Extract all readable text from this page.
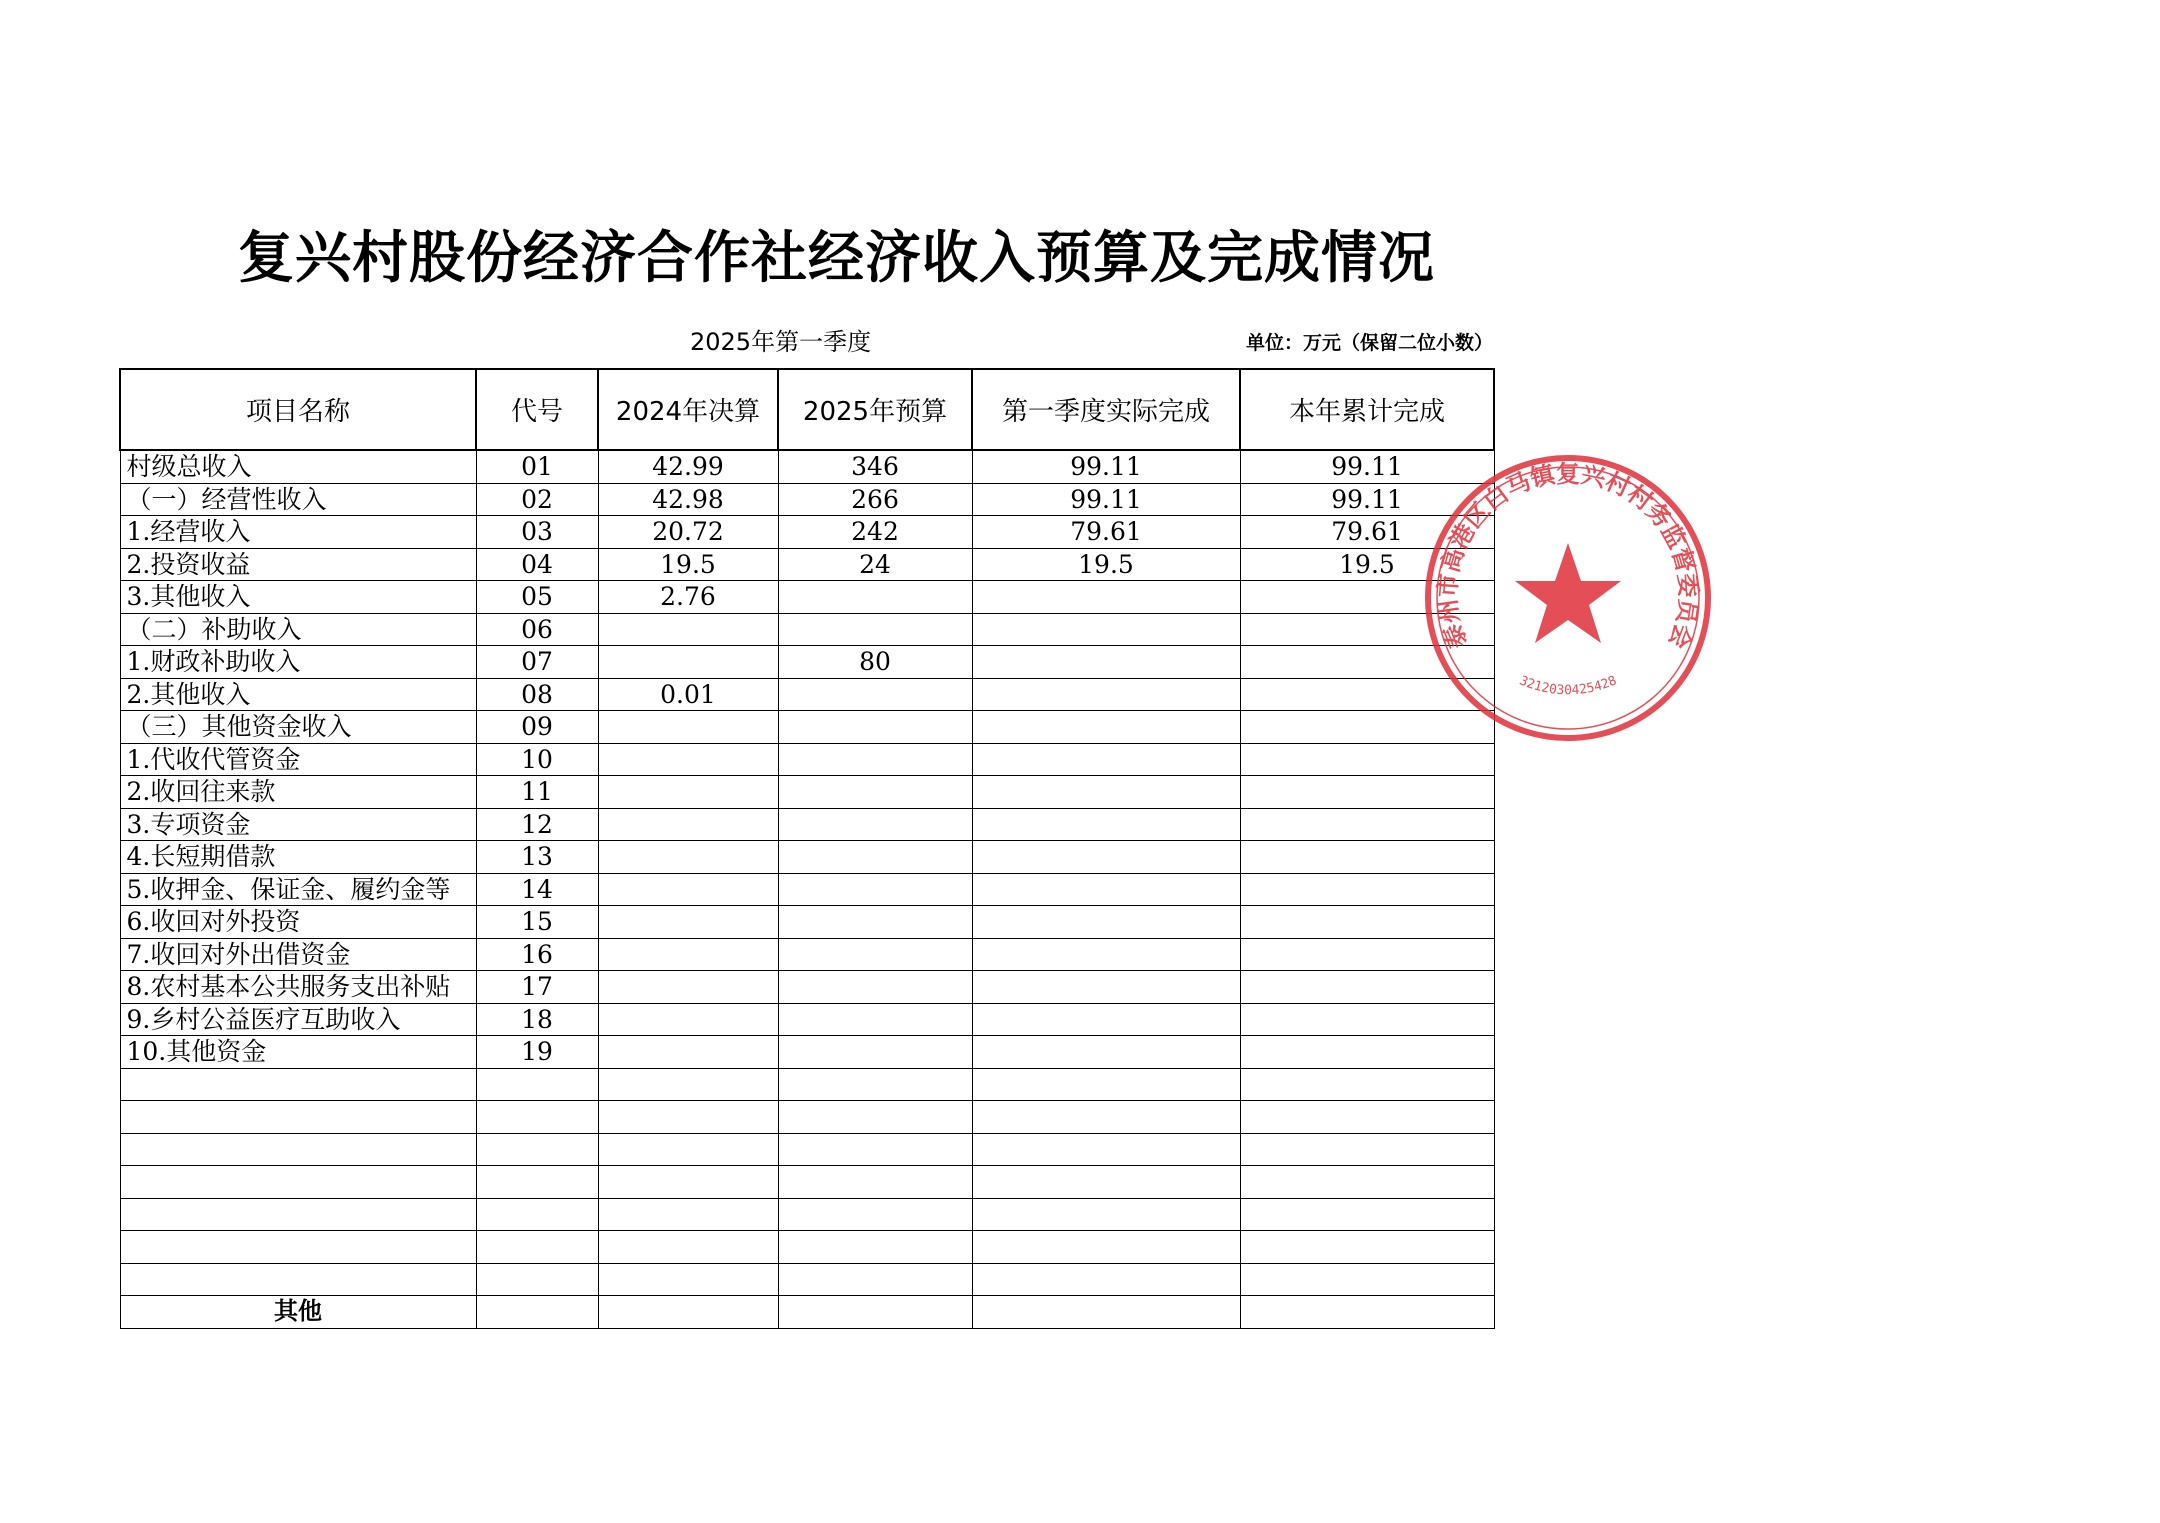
复兴村股份经济合作社经济收入预算及完成情况
2025年第一季度	单位：万元（保留二位小数）
项目名称	代号	2024年决算	2025年预算	第一季度实际完成	本年累计完成
村级总收入	01	42.99	346	99.11	99.11
（一）经营性收入	02	42.98	266	99.11	99.11
1.经营收入	03	20.72	242	79.61	79.61
2.投资收益	04	19.5	24	19.5	19.5
3.其他收入	05	2.76			
（二）补助收入	06				
1.财政补助收入	07		80		
2.其他收入	08	0.01			
（三）其他资金收入	09				
1.代收代管资金	10				
2.收回往来款	11				
3.专项资金	12				
4.长短期借款	13				
5.收押金、保证金、履约金等	14				
6.收回对外投资	15				
7.收回对外出借资金	16				
8.农村基本公共服务支出补贴	17				
9.乡村公益医疗互助收入	18				
10.其他资金	19				

其他					
泰州市高港区白马镇复兴村村务监督委员会
3212030425428
